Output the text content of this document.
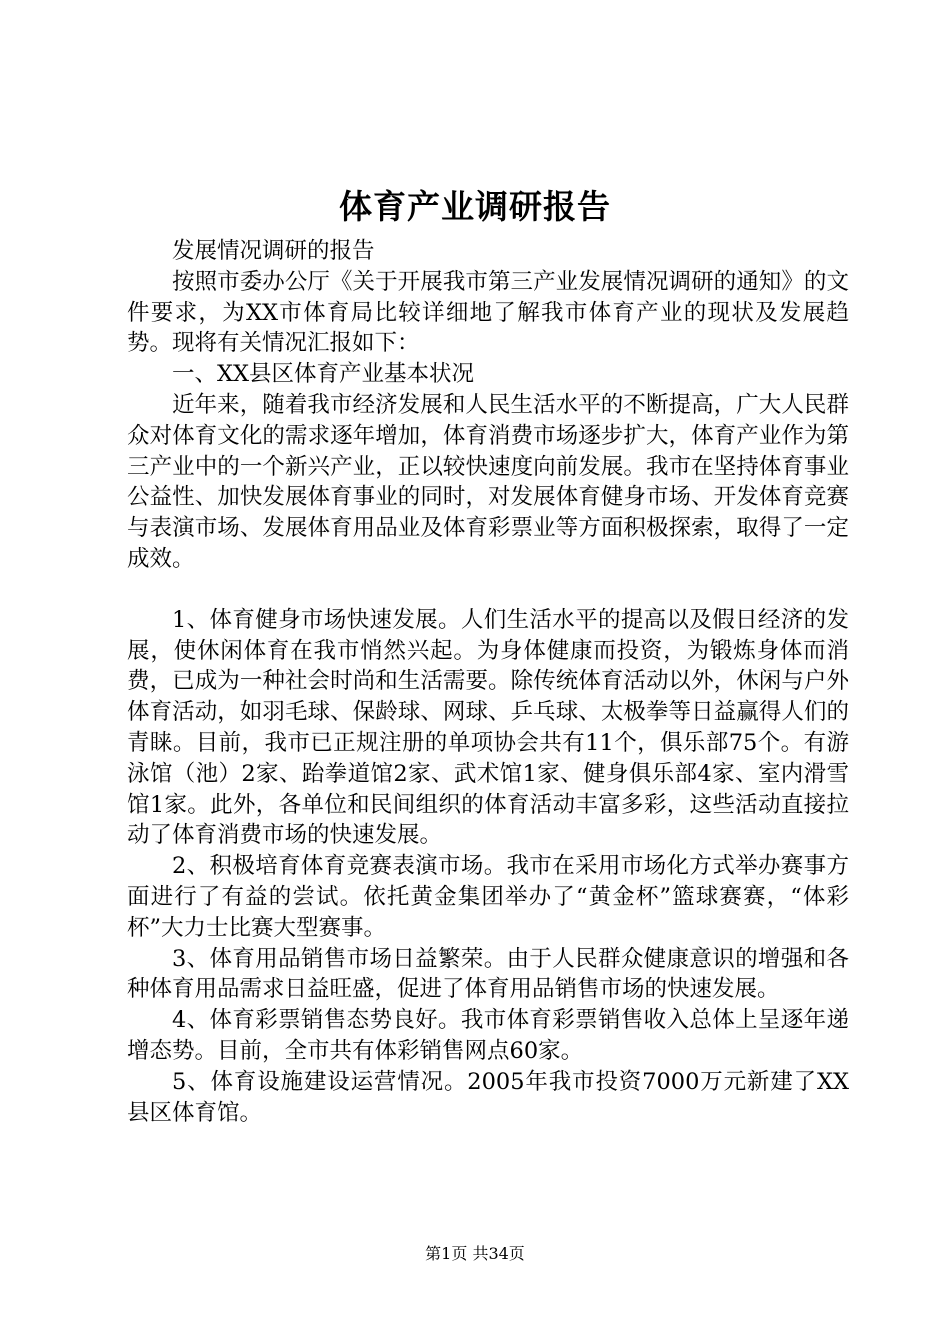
体育产业调研报告

发展情况调研的报告

按照市委办公厅《关于开展我市第三产业发展情况调研的通知》的文件要求，为XX市体育局比较详细地了解我市体育产业的现状及发展趋势。现将有关情况汇报如下：

一、XX县区体育产业基本状况

近年来，随着我市经济发展和人民生活水平的不断提高，广大人民群众对体育文化的需求逐年增加，体育消费市场逐步扩大，体育产业作为第三产业中的一个新兴产业，正以较快速度向前发展。我市在坚持体育事业公益性、加快发展体育事业的同时，对发展体育健身市场、开发体育竞赛与表演市场、发展体育用品业及体育彩票业等方面积极探索，取得了一定成效。

1、体育健身市场快速发展。人们生活水平的提高以及假日经济的发展，使休闲体育在我市悄然兴起。为身体健康而投资，为锻炼身体而消费，已成为一种社会时尚和生活需要。除传统体育活动以外，休闲与户外体育活动，如羽毛球、保龄球、网球、乒乓球、太极拳等日益赢得人们的青睐。目前，我市已正规注册的单项协会共有11个，俱乐部75个。有游泳馆（池）2家、跆拳道馆2家、武术馆1家、健身俱乐部4家、室内滑雪馆1家。此外，各单位和民间组织的体育活动丰富多彩，这些活动直接拉动了体育消费市场的快速发展。

2、积极培育体育竞赛表演市场。我市在采用市场化方式举办赛事方面进行了有益的尝试。依托黄金集团举办了“黄金杯”篮球赛赛，“体彩杯”大力士比赛大型赛事。

3、体育用品销售市场日益繁荣。由于人民群众健康意识的增强和各种体育用品需求日益旺盛，促进了体育用品销售市场的快速发展。

4、体育彩票销售态势良好。我市体育彩票销售收入总体上呈逐年递增态势。目前，全市共有体彩销售网点60家。

5、体育设施建设运营情况。2005年我市投资7000万元新建了XX县区体育馆。

第1页 共34页
